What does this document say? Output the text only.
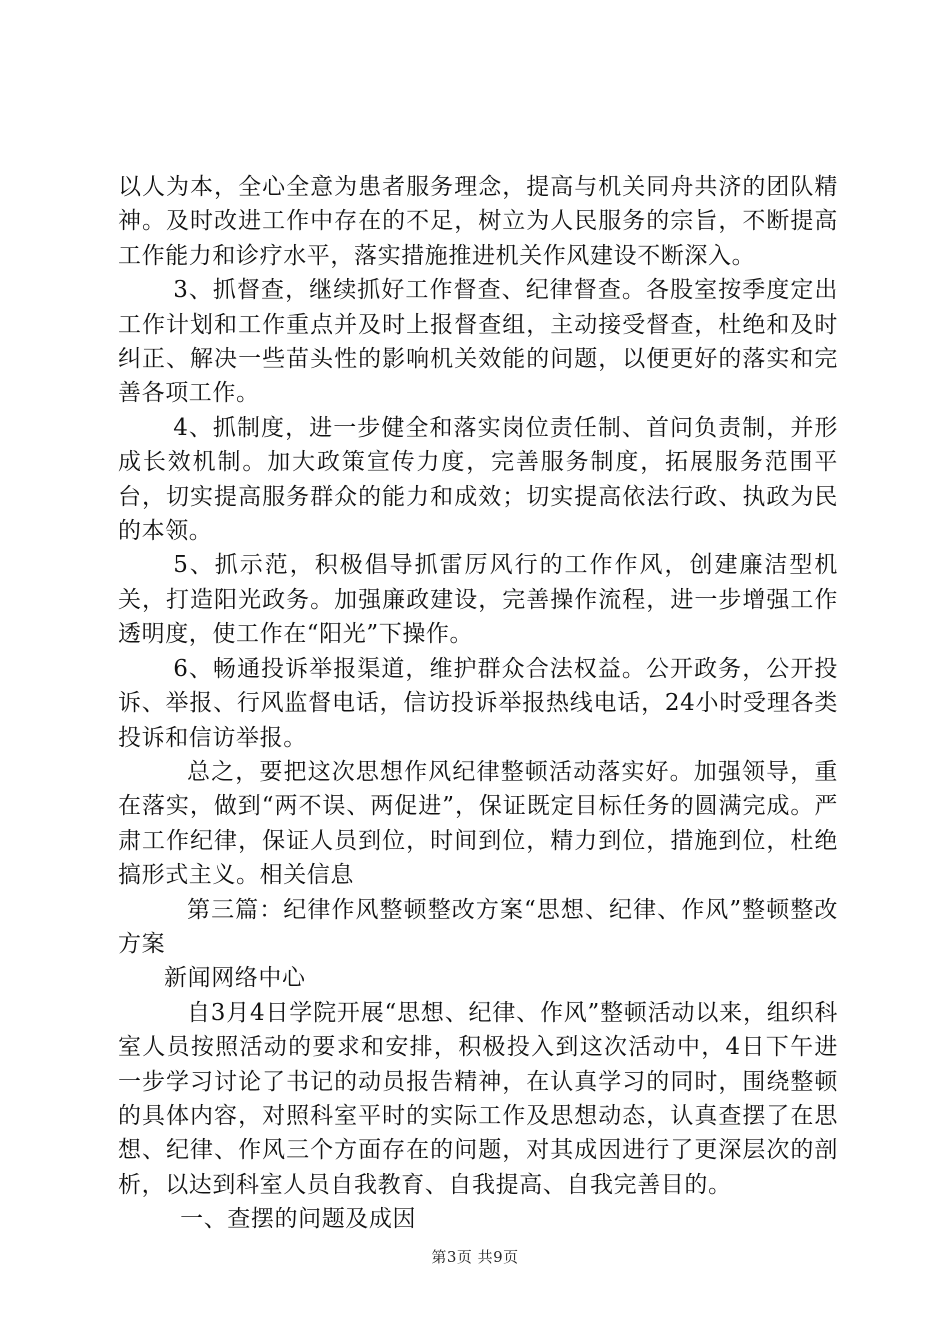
以人为本，全心全意为患者服务理念，提高与机关同舟共济的团队精神。及时改进工作中存在的不足，树立为人民服务的宗旨，不断提高工作能力和诊疗水平，落实措施推进机关作风建设不断深入。

3、抓督查，继续抓好工作督查、纪律督查。各股室按季度定出工作计划和工作重点并及时上报督查组，主动接受督查，杜绝和及时纠正、解决一些苗头性的影响机关效能的问题，以便更好的落实和完善各项工作。

4、抓制度，进一步健全和落实岗位责任制、首问负责制，并形成长效机制。加大政策宣传力度，完善服务制度，拓展服务范围平台，切实提高服务群众的能力和成效；切实提高依法行政、执政为民的本领。

5、抓示范，积极倡导抓雷厉风行的工作作风，创建廉洁型机关，打造阳光政务。加强廉政建设，完善操作流程，进一步增强工作透明度，使工作在“阳光”下操作。

6、畅通投诉举报渠道，维护群众合法权益。公开政务，公开投诉、举报、行风监督电话，信访投诉举报热线电话，24小时受理各类投诉和信访举报。

总之，要把这次思想作风纪律整顿活动落实好。加强领导，重在落实，做到“两不误、两促进”，保证既定目标任务的圆满完成。严肃工作纪律，保证人员到位，时间到位，精力到位，措施到位，杜绝搞形式主义。相关信息

第三篇：纪律作风整顿整改方案“思想、纪律、作风”整顿整改方案

新闻网络中心

自3月4日学院开展“思想、纪律、作风”整顿活动以来，组织科室人员按照活动的要求和安排，积极投入到这次活动中，4日下午进一步学习讨论了书记的动员报告精神，在认真学习的同时，围绕整顿的具体内容，对照科室平时的实际工作及思想动态，认真查摆了在思想、纪律、作风三个方面存在的问题，对其成因进行了更深层次的剖析，以达到科室人员自我教育、自我提高、自我完善目的。

一、查摆的问题及成因

第3页 共9页
